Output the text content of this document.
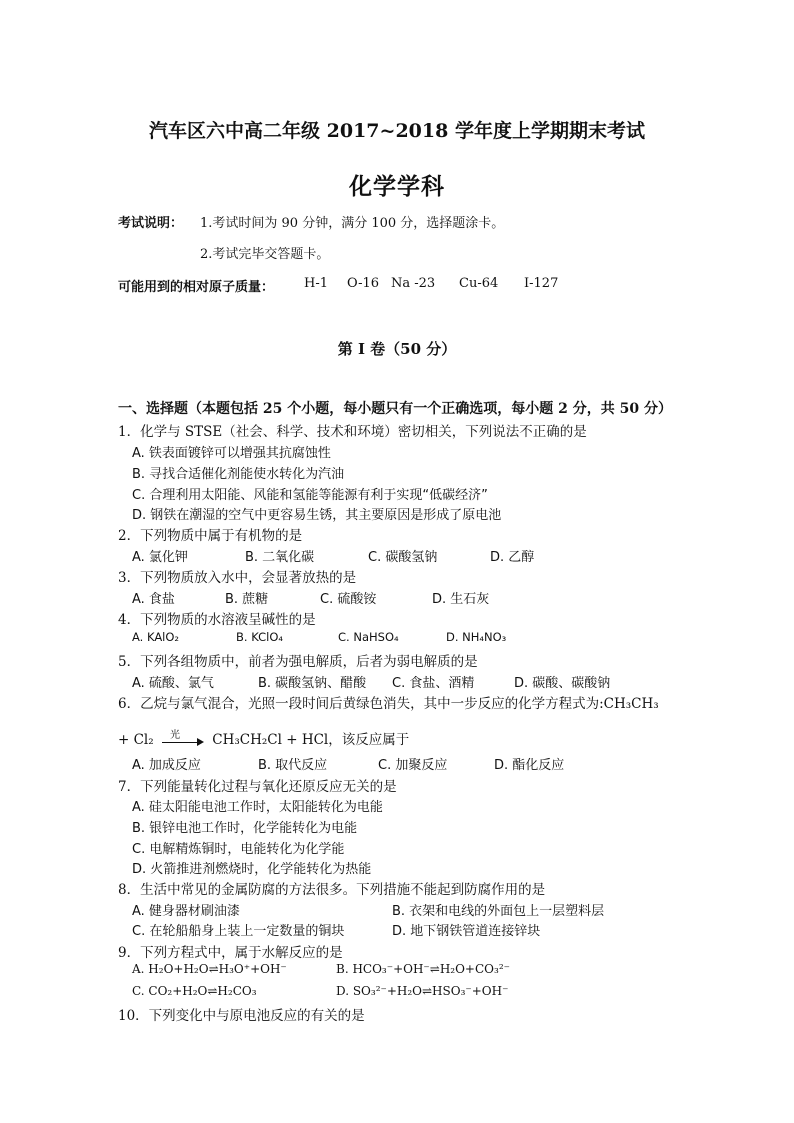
汽车区六中高二年级 2017~2018 学年度上学期期末考试
化学学科
考试说明： 1.考试时间为 90 分钟，满分 100 分，选择题涂卡。
2.考试完毕交答题卡。
可能用到的相对原子质量： H-1 O-16 Na -23 Cu-64 I-127
第 I 卷（50 分）
一、选择题（本题包括 25 个小题，每小题只有一个正确选项，每小题 2 分，共 50 分）
1．化学与 STSE（社会、科学、技术和环境）密切相关，下列说法不正确的是
A. 铁表面镀锌可以增强其抗腐蚀性
B. 寻找合适催化剂能使水转化为汽油
C. 合理利用太阳能、风能和氢能等能源有利于实现“低碳经济”
D. 钢铁在潮湿的空气中更容易生锈，其主要原因是形成了原电池
2．下列物质中属于有机物的是
A. 氯化钾	B. 二氧化碳	C. 碳酸氢钠	D. 乙醇
3．下列物质放入水中，会显著放热的是
A. 食盐	B. 蔗糖	C. 硫酸铵	D. 生石灰
4．下列物质的水溶液呈碱性的是
A. KAlO₂	B. KClO₄	C. NaHSO₄	D. NH₄NO₃
5．下列各组物质中，前者为强电解质，后者为弱电解质的是
A. 硫酸、氯气	B. 碳酸氢钠、醋酸 C. 食盐、酒精	D. 碳酸、碳酸钠
6．乙烷与氯气混合，光照一段时间后黄绿色消失，其中一步反应的化学方程式为:CH₃CH₃
+ Cl₂ 光 CH₃CH₂Cl + HCl，该反应属于
A. 加成反应	B. 取代反应	C. 加聚反应	D. 酯化反应
7．下列能量转化过程与氧化还原反应无关的是
A. 硅太阳能电池工作时，太阳能转化为电能
B. 银锌电池工作时，化学能转化为电能
C. 电解精炼铜时，电能转化为化学能
D. 火箭推进剂燃烧时，化学能转化为热能
8．生活中常见的金属防腐的方法很多。下列措施不能起到防腐作用的是
A. 健身器材刷油漆	B. 衣架和电线的外面包上一层塑料层
C. 在轮船船身上装上一定数量的铜块	D. 地下钢铁管道连接锌块
9．下列方程式中，属于水解反应的是
A. H₂O+H₂O⇌H₃O⁺+OH⁻	B. HCO₃⁻+OH⁻⇌H₂O+CO₃²⁻
C. CO₂+H₂O⇌H₂CO₃	D. SO₃²⁻+H₂O⇌HSO₃⁻+OH⁻
10．下列变化中与原电池反应的有关的是
